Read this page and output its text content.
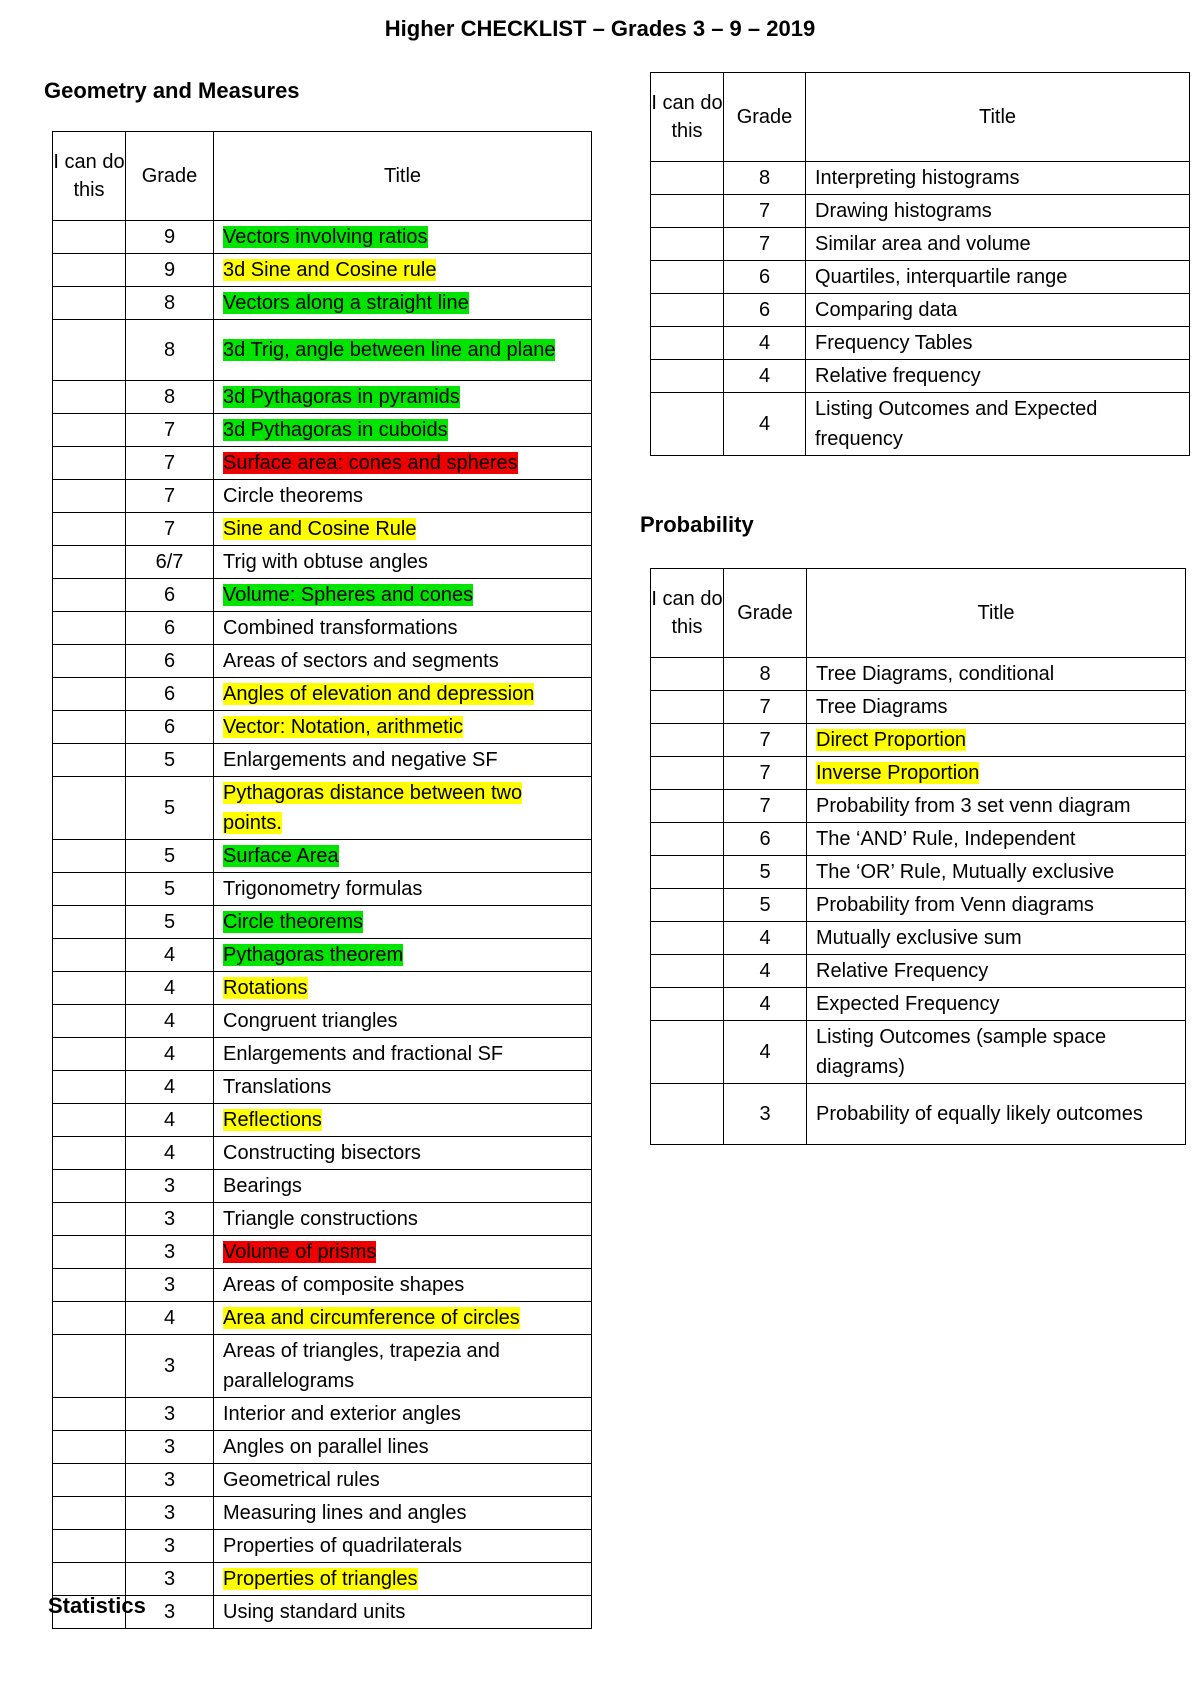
Higher CHECKLIST – Grades 3 – 9 – 2019
Geometry and Measures
I can do this	Grade	Title
	9	Vectors involving ratios
	9	3d Sine and Cosine rule
	8	Vectors along a straight line
	8	3d Trig, angle between line and plane
	8	3d Pythagoras in pyramids
	7	3d Pythagoras in cuboids
	7	Surface area: cones and spheres
	7	Circle theorems
	7	Sine and Cosine Rule
	6/7	Trig with obtuse angles
	6	Volume: Spheres and cones
	6	Combined transformations
	6	Areas of sectors and segments
	6	Angles of elevation and depression
	6	Vector: Notation, arithmetic
	5	Enlargements and negative SF
	5	Pythagoras distance between two points.
	5	Surface Area
	5	Trigonometry formulas
	5	Circle theorems
	4	Pythagoras theorem
	4	Rotations
	4	Congruent triangles
	4	Enlargements and fractional SF
	4	Translations
	4	Reflections
	4	Constructing bisectors
	3	Bearings
	3	Triangle constructions
	3	Volume of prisms
	3	Areas of composite shapes
	4	Area and circumference of circles
	3	Areas of triangles, trapezia and parallelograms
	3	Interior and exterior angles
	3	Angles on parallel lines
	3	Geometrical rules
	3	Measuring lines and angles
	3	Properties of quadrilaterals
	3	Properties of triangles
	3	Using standard units
Statistics
I can do this	Grade	Title
	8	Interpreting histograms
	7	Drawing histograms
	7	Similar area and volume
	6	Quartiles, interquartile range
	6	Comparing data
	4	Frequency Tables
	4	Relative frequency
	4	Listing Outcomes and Expected frequency
Probability
I can do this	Grade	Title
	8	Tree Diagrams, conditional
	7	Tree Diagrams
	7	Direct Proportion
	7	Inverse Proportion
	7	Probability from 3 set venn diagram
	6	The ‘AND’ Rule, Independent
	5	The ‘OR’ Rule, Mutually exclusive
	5	Probability from Venn diagrams
	4	Mutually exclusive sum
	4	Relative Frequency
	4	Expected Frequency
	4	Listing Outcomes (sample space diagrams)
	3	Probability of equally likely outcomes
